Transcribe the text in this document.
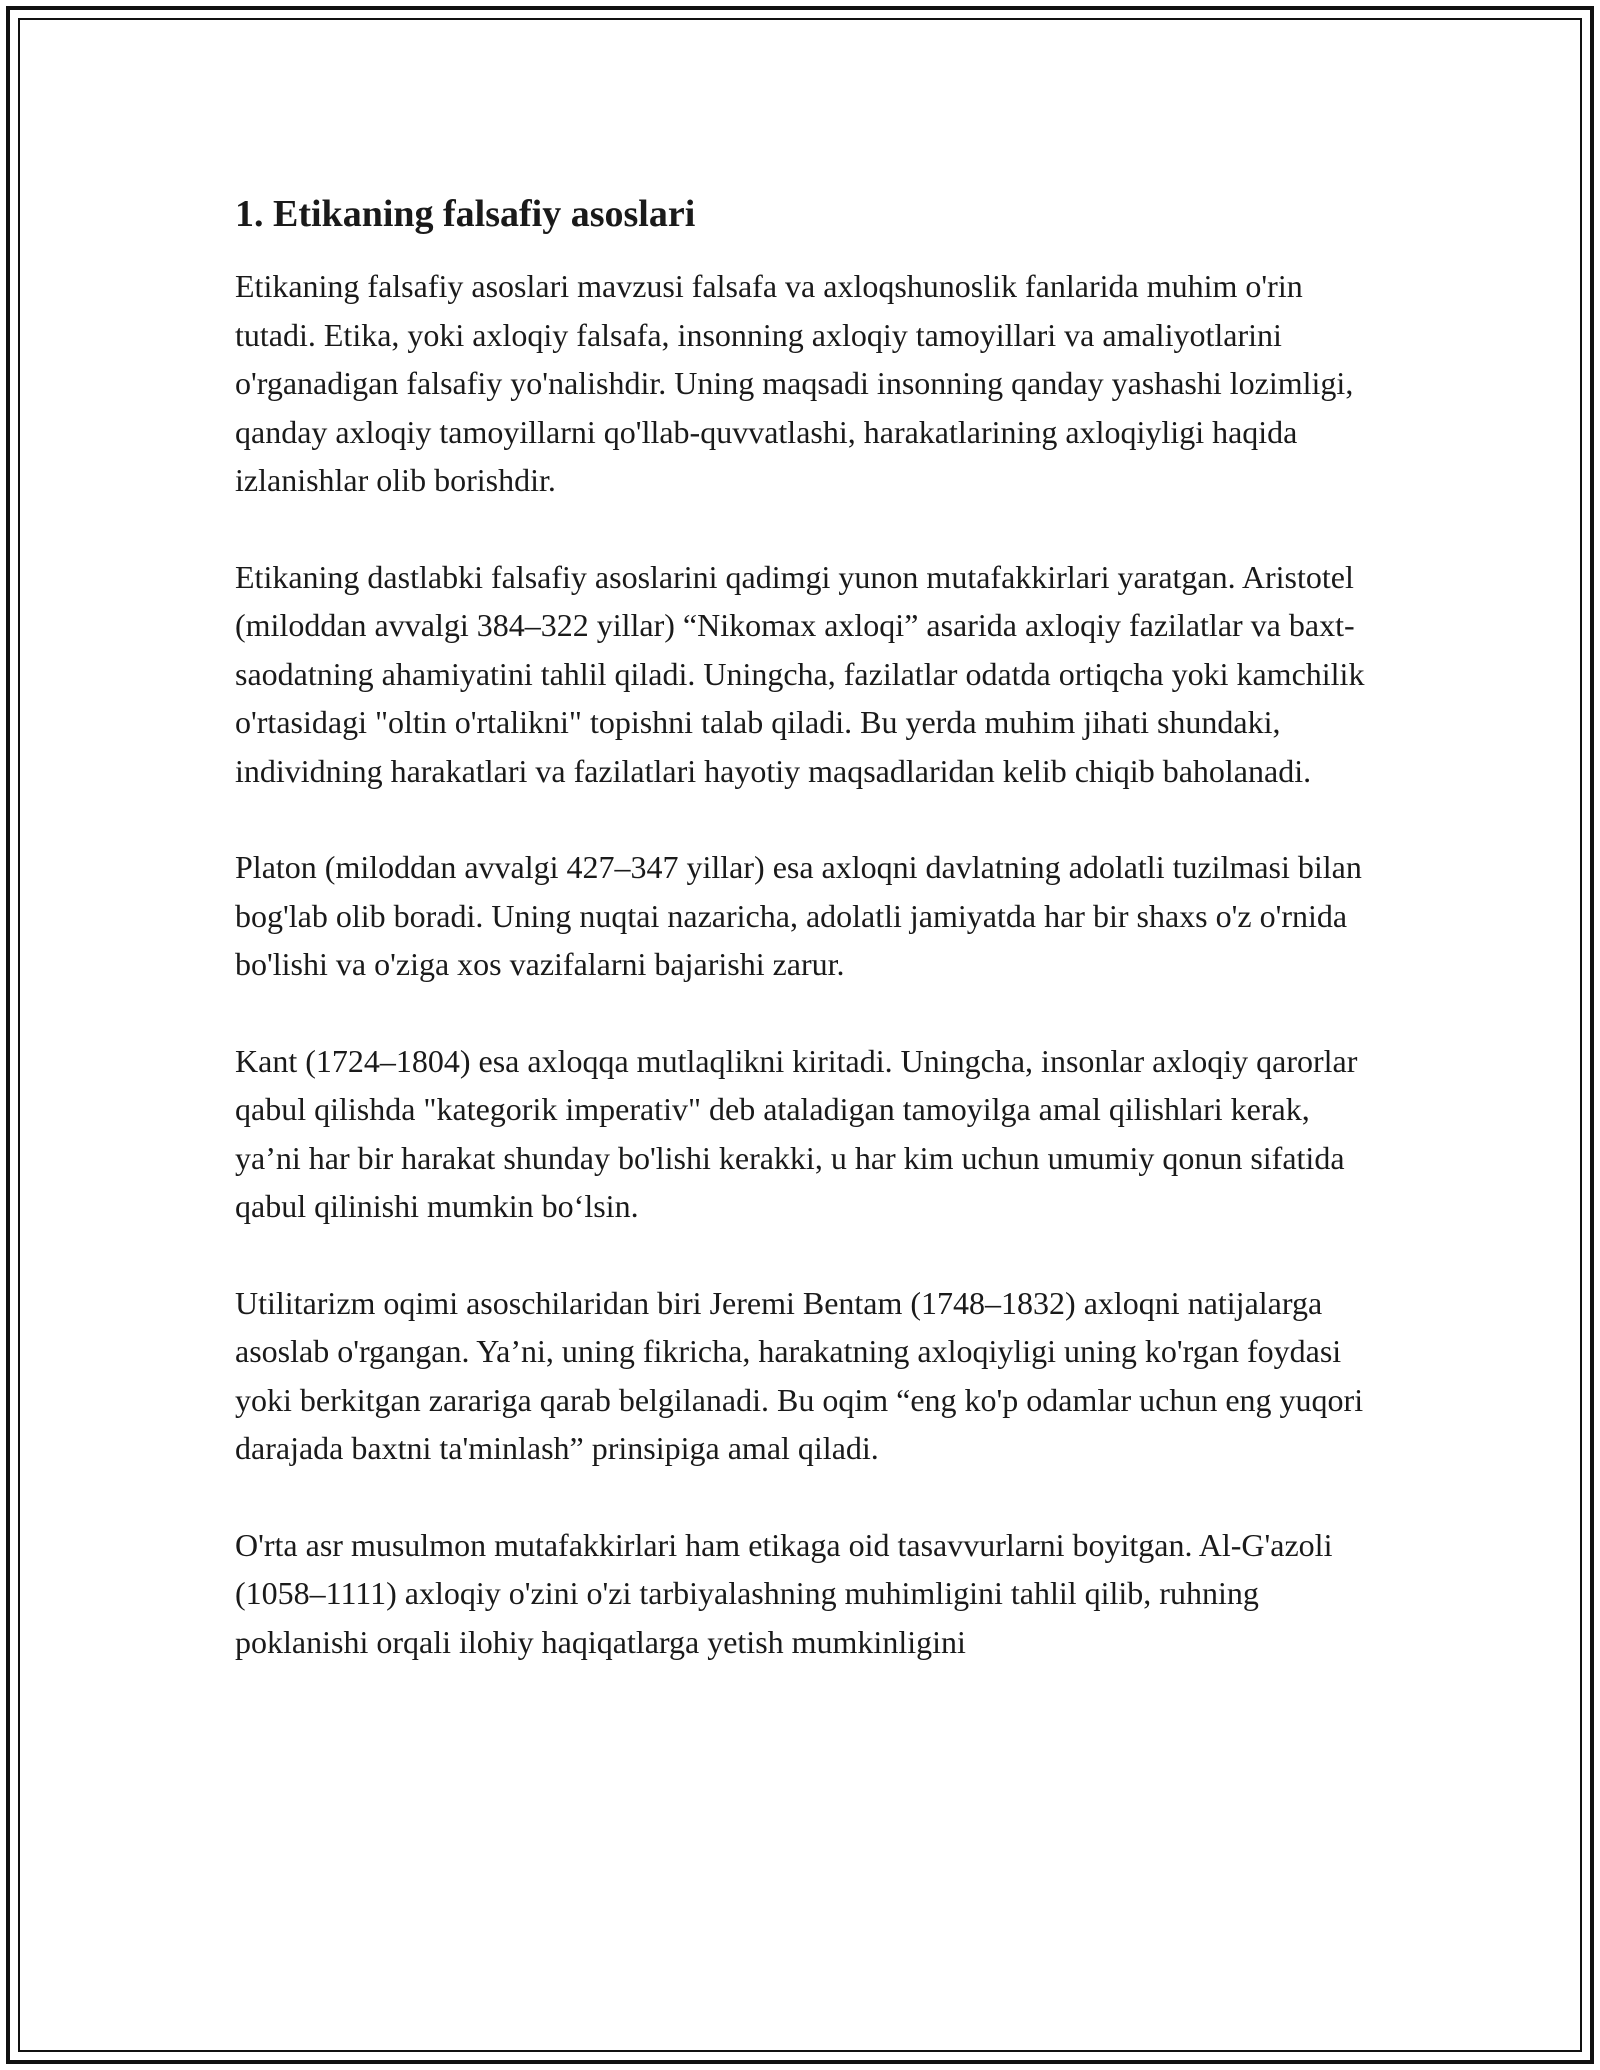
1. Etikaning falsafiy asoslari

Etikaning falsafiy asoslari mavzusi falsafa va axloqshunoslik fanlarida muhim o'rin tutadi. Etika, yoki axloqiy falsafa, insonning axloqiy tamoyillari va amaliyotlarini o'rganadigan falsafiy yo'nalishdir. Uning maqsadi insonning qanday yashashi lozimligi, qanday axloqiy tamoyillarni qo'llab-quvvatlashi, harakatlarining axloqiyligi haqida izlanishlar olib borishdir.

Etikaning dastlabki falsafiy asoslarini qadimgi yunon mutafakkirlari yaratgan. Aristotel (miloddan avvalgi 384–322 yillar) “Nikomax axloqi” asarida axloqiy fazilatlar va baxt-saodatning ahamiyatini tahlil qiladi. Uningcha, fazilatlar odatda ortiqcha yoki kamchilik o'rtasidagi "oltin o'rtalikni" topishni talab qiladi. Bu yerda muhim jihati shundaki, individning harakatlari va fazilatlari hayotiy maqsadlaridan kelib chiqib baholanadi.

Platon (miloddan avvalgi 427–347 yillar) esa axloqni davlatning adolatli tuzilmasi bilan bog'lab olib boradi. Uning nuqtai nazaricha, adolatli jamiyatda har bir shaxs o'z o'rnida bo'lishi va o'ziga xos vazifalarni bajarishi zarur.

Kant (1724–1804) esa axloqqa mutlaqlikni kiritadi. Uningcha, insonlar axloqiy qarorlar qabul qilishda "kategorik imperativ" deb ataladigan tamoyilga amal qilishlari kerak, ya’ni har bir harakat shunday bo'lishi kerakki, u har kim uchun umumiy qonun sifatida qabul qilinishi mumkin bo‘lsin.

Utilitarizm oqimi asoschilaridan biri Jeremi Bentam (1748–1832) axloqni natijalarga asoslab o'rgangan. Ya’ni, uning fikricha, harakatning axloqiyligi uning ko'rgan foydasi yoki berkitgan zarariga qarab belgilanadi. Bu oqim “eng ko'p odamlar uchun eng yuqori darajada baxtni ta'minlash” prinsipiga amal qiladi.

O'rta asr musulmon mutafakkirlari ham etikaga oid tasavvurlarni boyitgan. Al-G'azoli (1058–1111) axloqiy o'zini o'zi tarbiyalashning muhimligini tahlil qilib, ruhning poklanishi orqali ilohiy haqiqatlarga yetish mumkinligini
